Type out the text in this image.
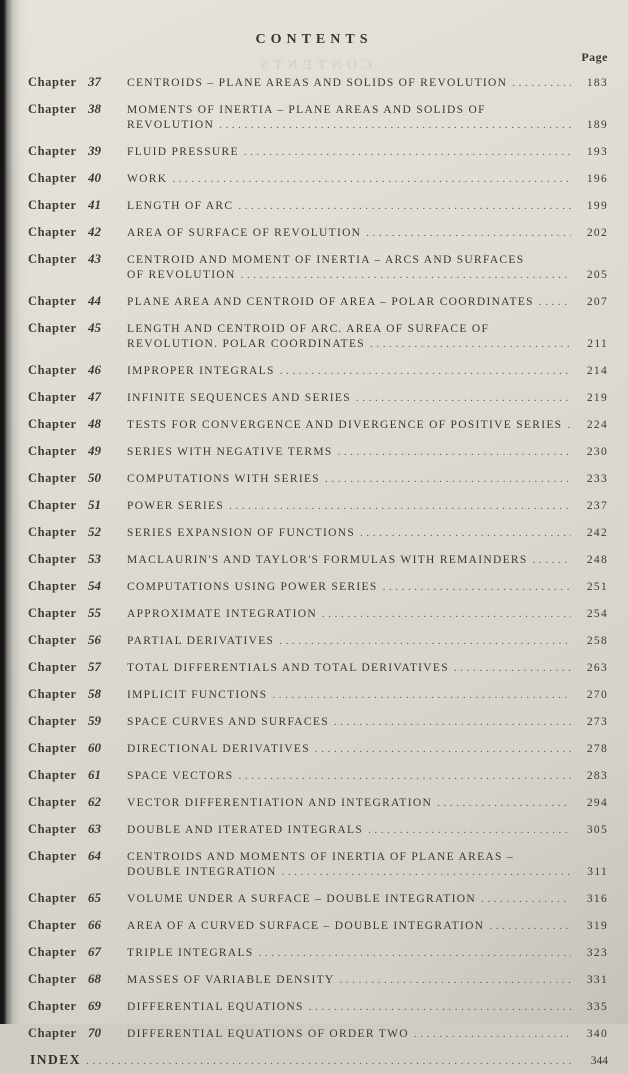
CONTENTS
CONTENTS
Page
Chapter 37	CENTROIDS – PLANE AREAS AND SOLIDS OF REVOLUTION .....	183
Chapter 38	MOMENTS OF INERTIA – PLANE AREAS AND SOLIDS OF
REVOLUTION .....	189
Chapter 39	FLUID PRESSURE .....	193
Chapter 40	WORK .....	196
Chapter 41	LENGTH OF ARC .....	199
Chapter 42	AREA OF SURFACE OF REVOLUTION .....	202
Chapter 43	CENTROID AND MOMENT OF INERTIA – ARCS AND SURFACES
OF REVOLUTION .....	205
Chapter 44	PLANE AREA AND CENTROID OF AREA – POLAR COORDINATES .....	207
Chapter 45	LENGTH AND CENTROID OF ARC. AREA OF SURFACE OF
REVOLUTION. POLAR COORDINATES .....	211
Chapter 46	IMPROPER INTEGRALS .....	214
Chapter 47	INFINITE SEQUENCES AND SERIES .....	219
Chapter 48	TESTS FOR CONVERGENCE AND DIVERGENCE OF POSITIVE SERIES .....	224
Chapter 49	SERIES WITH NEGATIVE TERMS .....	230
Chapter 50	COMPUTATIONS WITH SERIES .....	233
Chapter 51	POWER SERIES .....	237
Chapter 52	SERIES EXPANSION OF FUNCTIONS .....	242
Chapter 53	MACLAURIN'S AND TAYLOR'S FORMULAS WITH REMAINDERS .....	248
Chapter 54	COMPUTATIONS USING POWER SERIES .....	251
Chapter 55	APPROXIMATE INTEGRATION .....	254
Chapter 56	PARTIAL DERIVATIVES .....	258
Chapter 57	TOTAL DIFFERENTIALS AND TOTAL DERIVATIVES .....	263
Chapter 58	IMPLICIT FUNCTIONS .....	270
Chapter 59	SPACE CURVES AND SURFACES .....	273
Chapter 60	DIRECTIONAL DERIVATIVES .....	278
Chapter 61	SPACE VECTORS .....	283
Chapter 62	VECTOR DIFFERENTIATION AND INTEGRATION .....	294
Chapter 63	DOUBLE AND ITERATED INTEGRALS .....	305
Chapter 64	CENTROIDS AND MOMENTS OF INERTIA OF PLANE AREAS –
DOUBLE INTEGRATION .....	311
Chapter 65	VOLUME UNDER A SURFACE – DOUBLE INTEGRATION .....	316
Chapter 66	AREA OF A CURVED SURFACE – DOUBLE INTEGRATION .....	319
Chapter 67	TRIPLE INTEGRALS .....	323
Chapter 68	MASSES OF VARIABLE DENSITY .....	331
Chapter 69	DIFFERENTIAL EQUATIONS .....	335
Chapter 70	DIFFERENTIAL EQUATIONS OF ORDER TWO .....	340
INDEX .....	344
